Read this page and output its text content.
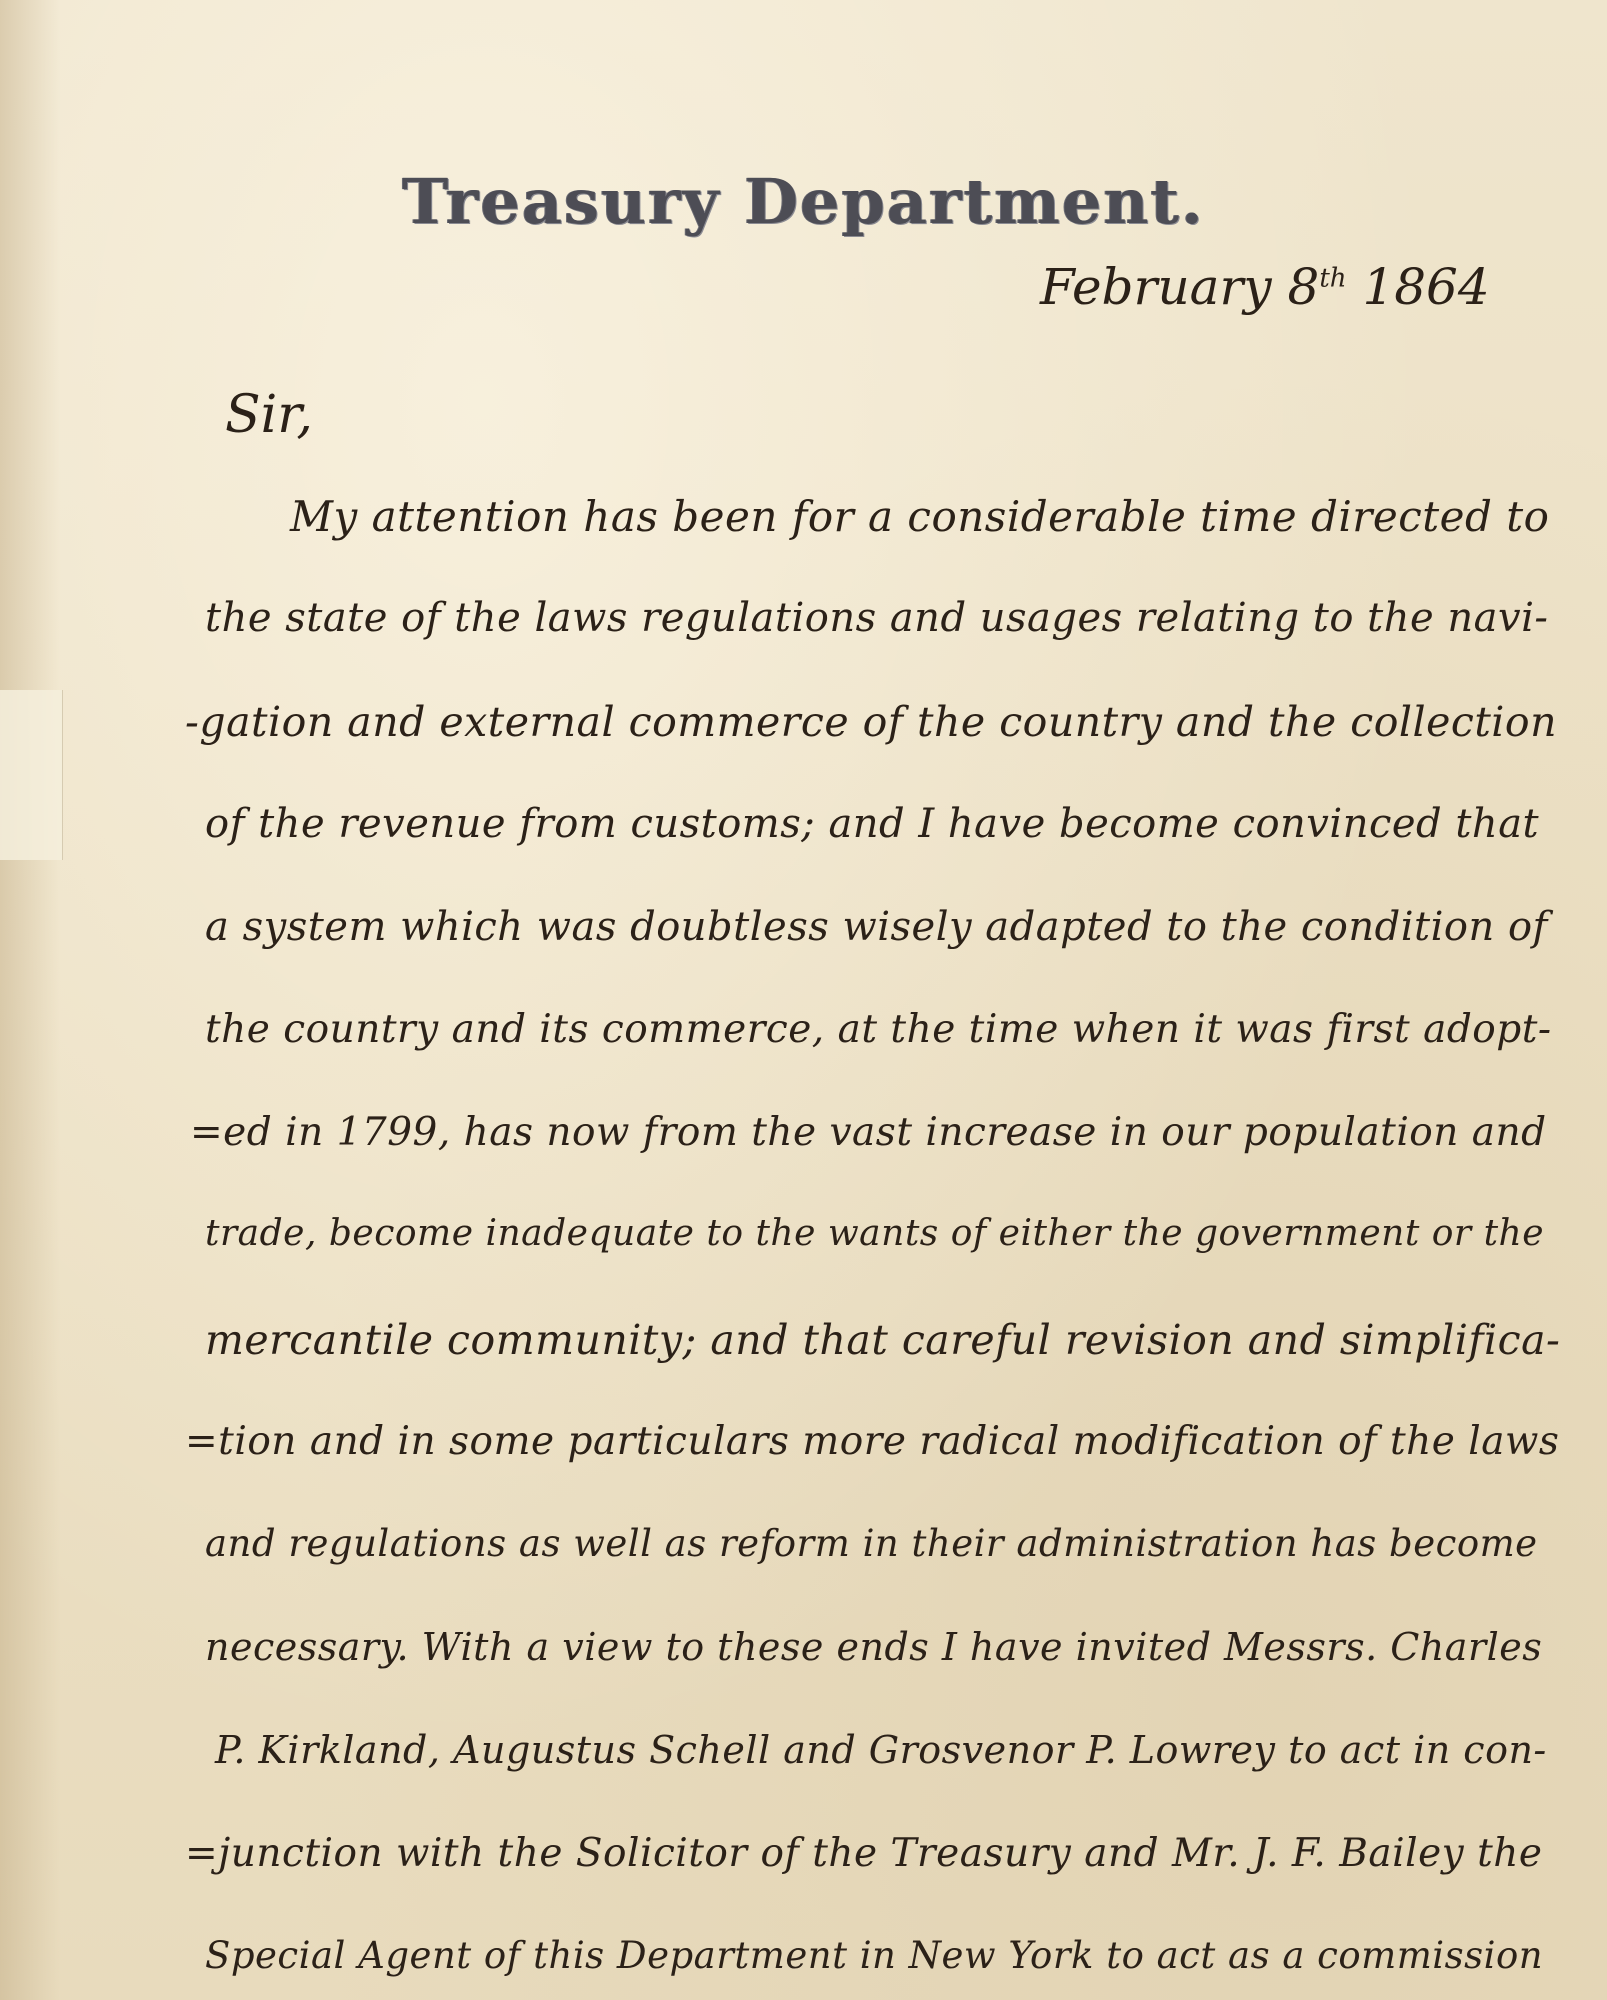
Treasury Department.
February 8th 1864
Sir,
My attention has been for a considerable time directed to
the state of the laws regulations and usages relating to the navi-
-gation and external commerce of the country and the collection
of the revenue from customs; and I have become convinced that
a system which was doubtless wisely adapted to the condition of
the country and its commerce, at the time when it was first adopt-
=ed in 1799, has now from the vast increase in our population and
trade, become inadequate to the wants of either the government or the
mercantile community; and that careful revision and simplifica-
=tion and in some particulars more radical modification of the laws
and regulations as well as reform in their administration has become
necessary. With a view to these ends I have invited Messrs. Charles
P. Kirkland, Augustus Schell and Grosvenor P. Lowrey to act in con-
=junction with the Solicitor of the Treasury and Mr. J. F. Bailey the
Special Agent of this Department in New York to act as a commission
